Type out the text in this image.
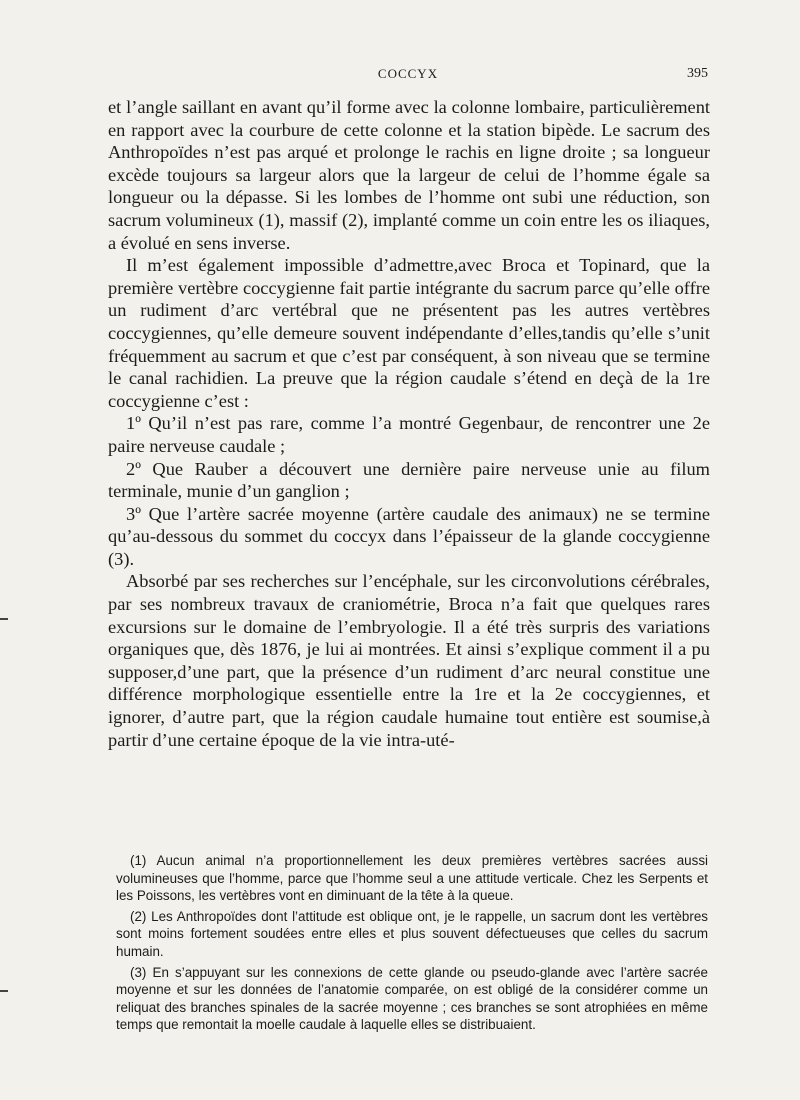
COCCYX	395

et l’angle saillant en avant qu’il forme avec la colonne lombaire, particulièrement en rapport avec la courbure de cette colonne et la station bipède. Le sacrum des Anthropoïdes n’est pas arqué et prolonge le rachis en ligne droite ; sa longueur excède toujours sa largeur alors que la largeur de celui de l’homme égale sa longueur ou la dépasse. Si les lombes de l’homme ont subi une réduction, son sacrum volumineux (1), massif (2), implanté comme un coin entre les os iliaques, a évolué en sens inverse.

Il m’est également impossible d’admettre,avec Broca et Topinard, que la première vertèbre coccygienne fait partie intégrante du sacrum parce qu’elle offre un rudiment d’arc vertébral que ne présentent pas les autres vertèbres coccygiennes, qu’elle demeure souvent indépendante d’elles,tandis qu’elle s’unit fréquemment au sacrum et que c’est par conséquent, à son niveau que se termine le canal rachidien. La preuve que la région caudale s’étend en deçà de la 1re coccygienne c’est :

1º Qu’il n’est pas rare, comme l’a montré Gegenbaur, de rencontrer une 2e paire nerveuse caudale ;

2º Que Rauber a découvert une dernière paire nerveuse unie au filum terminale, munie d’un ganglion ;

3º Que l’artère sacrée moyenne (artère caudale des animaux) ne se termine qu’au-dessous du sommet du coccyx dans l’épaisseur de la glande coccygienne (3).

Absorbé par ses recherches sur l’encéphale, sur les circonvolutions cérébrales, par ses nombreux travaux de craniométrie, Broca n’a fait que quelques rares excursions sur le domaine de l’embryologie. Il a été très surpris des variations organiques que, dès 1876, je lui ai montrées. Et ainsi s’explique comment il a pu supposer,d’une part, que la présence d’un rudiment d’arc neural constitue une différence morphologique essentielle entre la 1re et la 2e coccygiennes, et ignorer, d’autre part, que la région caudale humaine tout entière est soumise,à partir d’une certaine époque de la vie intra-uté-

(1) Aucun animal n’a proportionnellement les deux premières vertèbres sacrées aussi volumineuses que l’homme, parce que l’homme seul a une attitude verticale. Chez les Serpents et les Poissons, les vertèbres vont en diminuant de la tête à la queue.

(2) Les Anthropoïdes dont l’attitude est oblique ont, je le rappelle, un sacrum dont les vertèbres sont moins fortement soudées entre elles et plus souvent défectueuses que celles du sacrum humain.

(3) En s’appuyant sur les connexions de cette glande ou pseudo-glande avec l’artère sacrée moyenne et sur les données de l’anatomie comparée, on est obligé de la considérer comme un reliquat des branches spinales de la sacrée moyenne ; ces branches se sont atrophiées en même temps que remontait la moelle caudale à laquelle elles se distribuaient.
